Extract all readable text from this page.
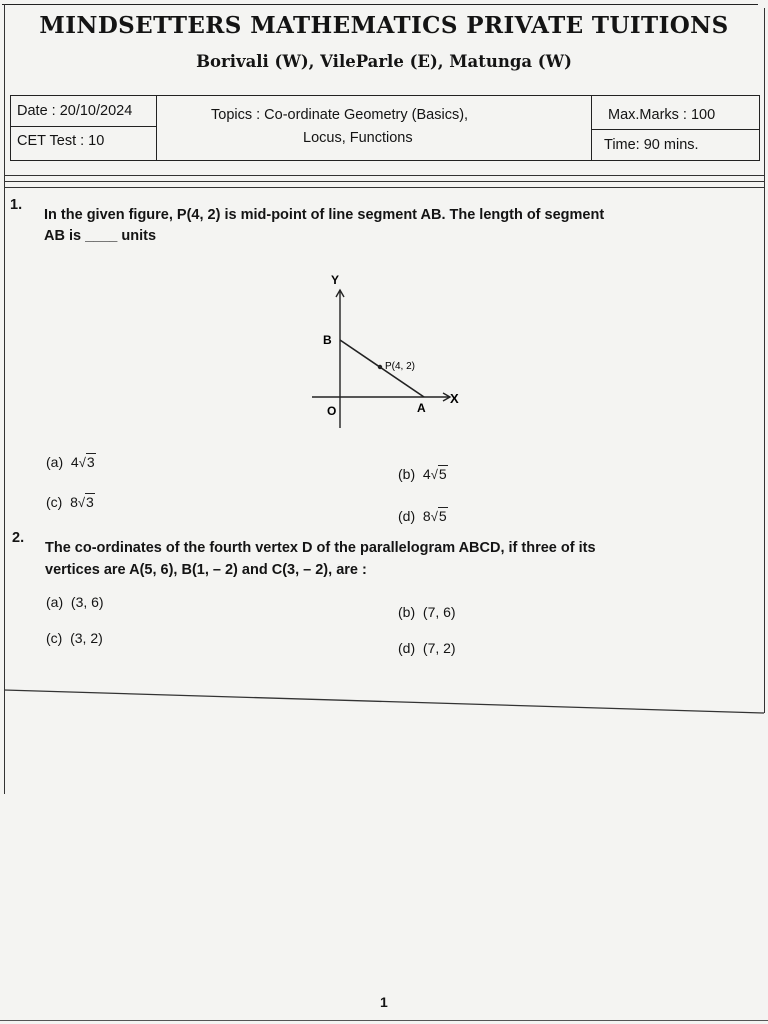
MINDSETTERS MATHEMATICS PRIVATE TUITIONS
Borivali (W), VileParle (E), Matunga (W)
Date : 20/10/2024
CET Test : 10
Topics : Co-ordinate Geometry (Basics),
Locus, Functions
Max.Marks : 100
Time: 90 mins.
1.
In the given figure, P(4, 2) is mid-point of line segment AB. The length of segment
AB is ____ units
Y
X
B
O	A
P(4, 2)
(a) 4√3
(b) 4√5
(c) 8√3
(d) 8√5
2.
The co-ordinates of the fourth vertex D of the parallelogram ABCD, if three of its
vertices are A(5, 6), B(1, – 2) and C(3, – 2), are :
(a) (3, 6)
(b) (7, 6)
(c) (3, 2)
(d) (7, 2)
1
